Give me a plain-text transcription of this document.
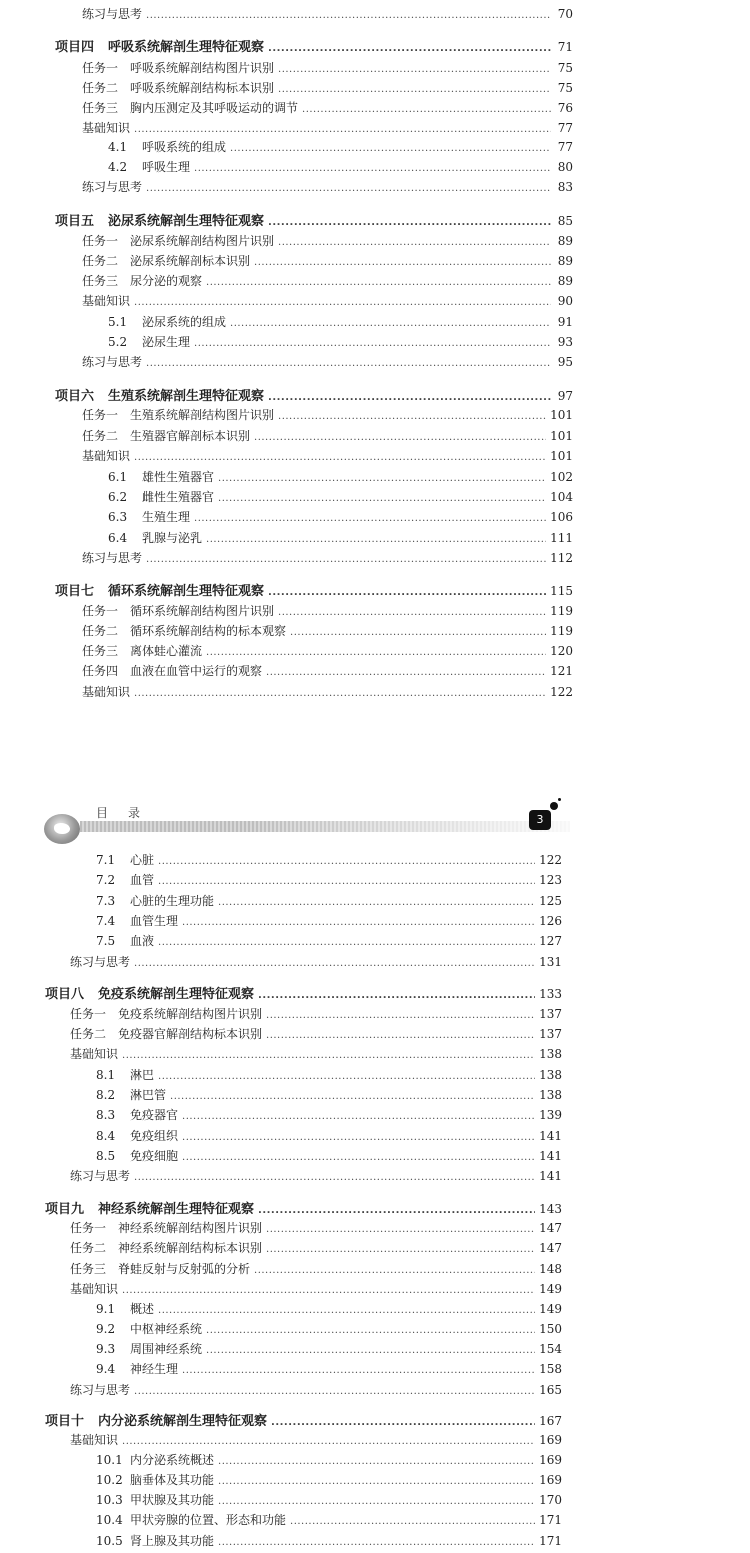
练习与思考 .....	70
项目四 呼吸系统解剖生理特征观察 .....	71
任务一　呼吸系统解剖结构图片识别 .....	75
任务二　呼吸系统解剖结构标本识别 .....	75
任务三　胸内压测定及其呼吸运动的调节 .....	76
基础知识 .....	77
4.1 呼吸系统的组成 .....	77
4.2 呼吸生理 .....	80
练习与思考 .....	83
项目五 泌尿系统解剖生理特征观察 .....	85
任务一　泌尿系统解剖结构图片识别 .....	89
任务二　泌尿系统解剖标本识别 .....	89
任务三　尿分泌的观察 .....	89
基础知识 .....	90
5.1 泌尿系统的组成 .....	91
5.2 泌尿生理 .....	93
练习与思考 .....	95
项目六 生殖系统解剖生理特征观察 .....	97
任务一　生殖系统解剖结构图片识别 .....	101
任务二　生殖器官解剖标本识别 .....	101
基础知识 .....	101
6.1 雄性生殖器官 .....	102
6.2 雌性生殖器官 .....	104
6.3 生殖生理 .....	106
6.4 乳腺与泌乳 .....	111
练习与思考 .....	112
项目七 循环系统解剖生理特征观察 .....	115
任务一　循环系统解剖结构图片识别 .....	119
任务二　循环系统解剖结构的标本观察 .....	119
任务三　离体蛙心灌流 .....	120
任务四　血液在血管中运行的观察 .....	121
基础知识 .....	122
目录	3
7.1 心脏 .....	122
7.2 血管 .....	123
7.3 心脏的生理功能 .....	125
7.4 血管生理 .....	126
7.5 血液 .....	127
练习与思考 .....	131
项目八 免疫系统解剖生理特征观察 .....	133
任务一　免疫系统解剖结构图片识别 .....	137
任务二　免疫器官解剖结构标本识别 .....	137
基础知识 .....	138
8.1 淋巴 .....	138
8.2 淋巴管 .....	138
8.3 免疫器官 .....	139
8.4 免疫组织 .....	141
8.5 免疫细胞 .....	141
练习与思考 .....	141
项目九 神经系统解剖生理特征观察 .....	143
任务一　神经系统解剖结构图片识别 .....	147
任务二　神经系统解剖结构标本识别 .....	147
任务三　脊蛙反射与反射弧的分析 .....	148
基础知识 .....	149
9.1 概述 .....	149
9.2 中枢神经系统 .....	150
9.3 周围神经系统 .....	154
9.4 神经生理 .....	158
练习与思考 .....	165
项目十 内分泌系统解剖生理特征观察 .....	167
基础知识 .....	169
10.1 内分泌系统概述 .....	169
10.2 脑垂体及其功能 .....	169
10.3 甲状腺及其功能 .....	170
10.4 甲状旁腺的位置、形态和功能 .....	171
10.5 肾上腺及其功能 .....	171
